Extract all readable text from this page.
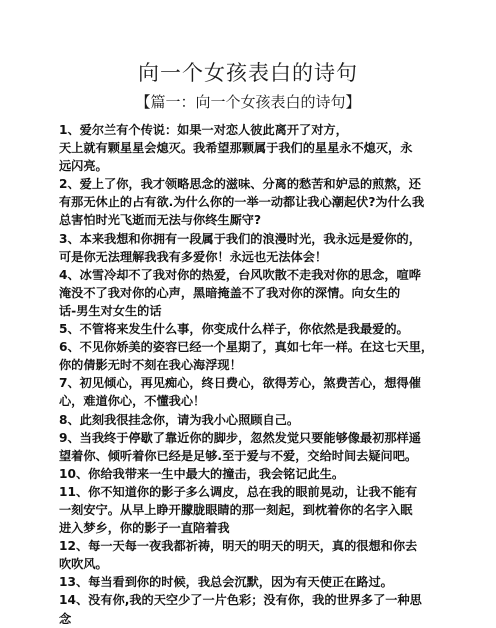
向一个女孩表白的诗句
【篇一：向一个女孩表白的诗句】
1、爱尔兰有个传说：如果一对恋人彼此离开了对方，
天上就有颗星星会熄灭。我希望那颗属于我们的星星永不熄灭，永
远闪亮。
2、爱上了你，我才领略思念的滋味、分离的愁苦和妒忌的煎熬，还
有那无休止的占有欲.为什么你的一举一动都让我心潮起伏?为什么我
总害怕时光飞逝而无法与你终生厮守?
3、本来我想和你拥有一段属于我们的浪漫时光，我永远是爱你的，
可是你无法理解我我有多爱你！永远也无法体会！
4、冰雪冷却不了我对你的热爱，台风吹散不走我对你的思念，喧哗
淹没不了我对你的心声，黑暗掩盖不了我对你的深情。向女生的
话-男生对女生的话
5、不管将来发生什么事，你变成什么样子，你依然是我最爱的。
6、不见你娇美的姿容已经一个星期了，真如七年一样。在这七天里，
你的倩影无时不刻在我心海浮现！
7、初见倾心，再见痴心，终日费心，欲得芳心，煞费苦心，想得催
心，难道你心，不懂我心！
8、此刻我很挂念你，请为我小心照顾自己。
9、当我终于停歇了靠近你的脚步，忽然发觉只要能够像最初那样遥
望着你、倾听着你已经是足够.至于爱与不爱，交给时间去疑问吧。
10、你给我带来一生中最大的撞击，我会铭记此生。
11、你不知道你的影子多么调皮，总在我的眼前晃动，让我不能有
一刻安宁。从早上睁开朦胧眼睛的那一刻起，到枕着你的名字入眠
进入梦乡，你的影子一直陪着我
12、每一天每一夜我都祈祷，明天的明天的明天，真的很想和你去
吹吹风。
13、每当看到你的时候，我总会沉默，因为有天使正在路过。
14、没有你,我的天空少了一片色彩；没有你，我的世界多了一种思
念
